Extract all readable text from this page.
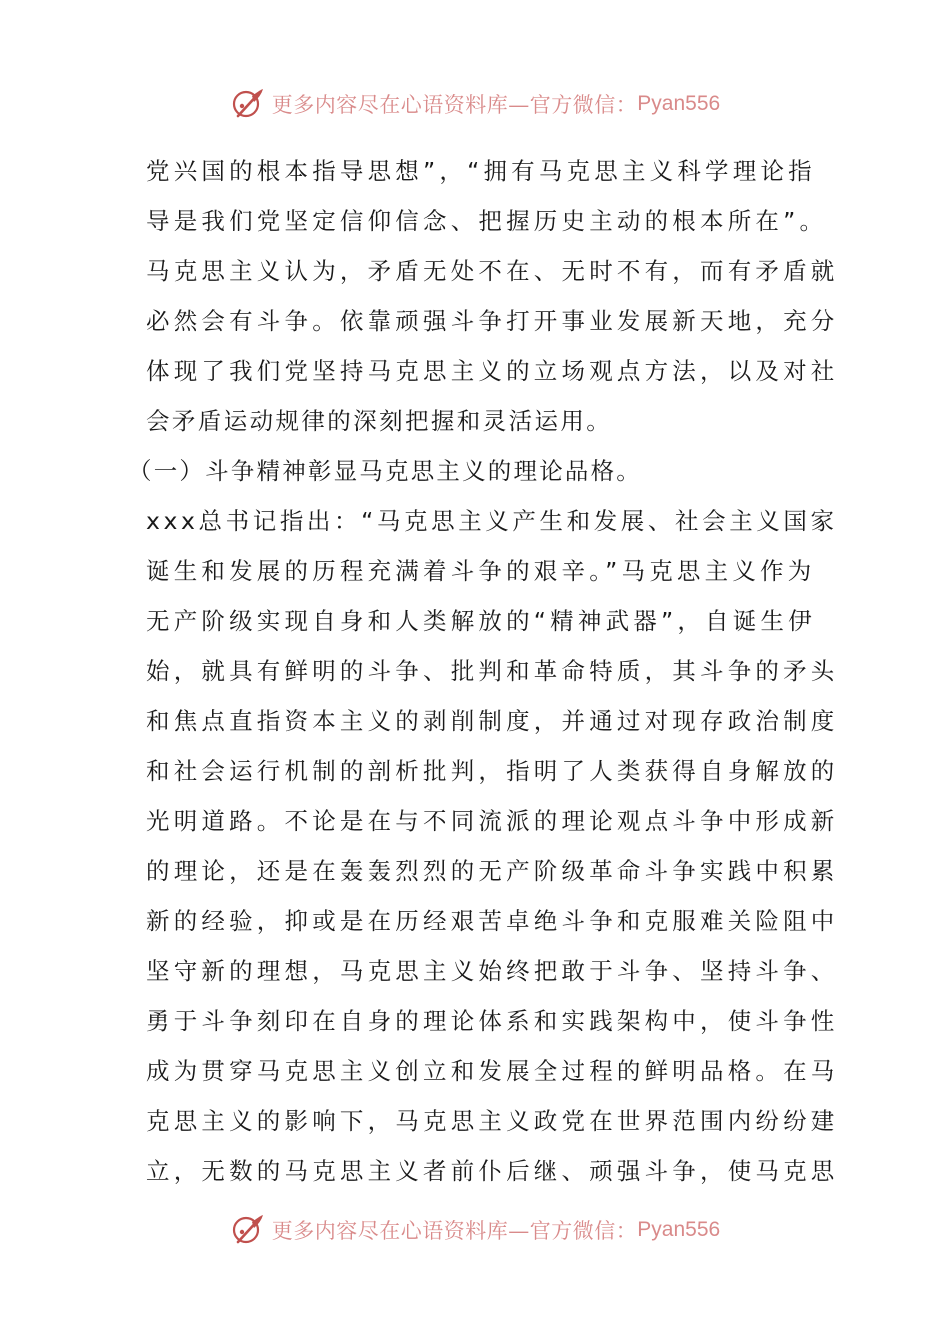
更多内容尽在心语资料库—官方微信： Pyan556
党兴国的根本指导思想”，“拥有马克思主义科学理论指
导是我们党坚定信仰信念、把握历史主动的根本所在”。
马克思主义认为，矛盾无处不在、无时不有，而有矛盾就
必然会有斗争。依靠顽强斗争打开事业发展新天地，充分
体现了我们党坚持马克思主义的立场观点方法，以及对社
会矛盾运动规律的深刻把握和灵活运用。
（一）斗争精神彰显马克思主义的理论品格。
xxx总书记指出：“马克思主义产生和发展、社会主义国家
诞生和发展的历程充满着斗争的艰辛。”马克思主义作为
无产阶级实现自身和人类解放的“精神武器”，自诞生伊
始，就具有鲜明的斗争、批判和革命特质，其斗争的矛头
和焦点直指资本主义的剥削制度，并通过对现存政治制度
和社会运行机制的剖析批判，指明了人类获得自身解放的
光明道路。不论是在与不同流派的理论观点斗争中形成新
的理论，还是在轰轰烈烈的无产阶级革命斗争实践中积累
新的经验，抑或是在历经艰苦卓绝斗争和克服难关险阻中
坚守新的理想，马克思主义始终把敢于斗争、坚持斗争、
勇于斗争刻印在自身的理论体系和实践架构中，使斗争性
成为贯穿马克思主义创立和发展全过程的鲜明品格。在马
克思主义的影响下，马克思主义政党在世界范围内纷纷建
立，无数的马克思主义者前仆后继、顽强斗争，使马克思
更多内容尽在心语资料库—官方微信： Pyan556
